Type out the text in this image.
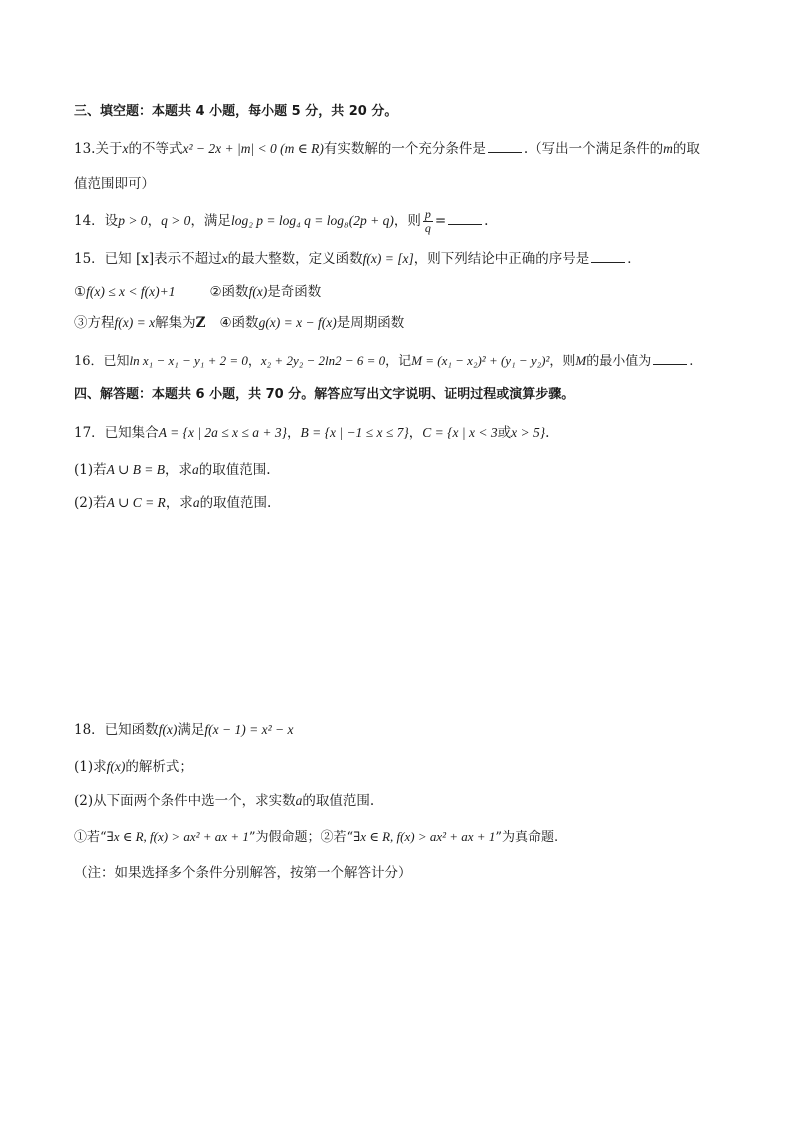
三、填空题：本题共 4 小题，每小题 5 分，共 20 分。
13.关于x的不等式x² − 2x + |m| < 0 (m ∈ R)有实数解的一个充分条件是	.（写出一个满足条件的m的取
值范围即可）
14．设p > 0，q > 0，满足log₂ p = log₄ q = log₈(2p + q)，则 $\frac{p}{q}$ =	.
15．已知 [x]表示不超过x的最大整数，定义函数f(x) = [x]，则下列结论中正确的序号是	．
①f(x) ≤ x < f(x)+1	②函数f(x)是奇函数
③方程f(x) = x解集为Z ④函数g(x) = x − f(x)是周期函数
16．已知ln x₁ − x₁ − y₁ + 2 = 0，x₂ + 2y₂ − 2ln2 − 6 = 0，记M = (x₁ − x₂)² + (y₁ − y₂)²，则M的最小值为	.
四、解答题：本题共 6 小题，共 70 分。解答应写出文字说明、证明过程或演算步骤。
17．已知集合A = {x | 2a ≤ x ≤ a + 3}，B = {x | −1 ≤ x ≤ 7}，C = {x | x < 3或x > 5}.
(1)若A ∪ B = B，求a的取值范围.
(2)若A ∪ C = R，求a的取值范围.
18．已知函数f(x)满足f(x − 1) = x² − x
(1)求f(x)的解析式；
(2)从下面两个条件中选一个，求实数a的取值范围.
①若“∃x ∈ R, f(x) > ax² + ax + 1”为假命题；②若“∃x ∈ R, f(x) > ax² + ax + 1”为真命题.
（注：如果选择多个条件分别解答，按第一个解答计分）
